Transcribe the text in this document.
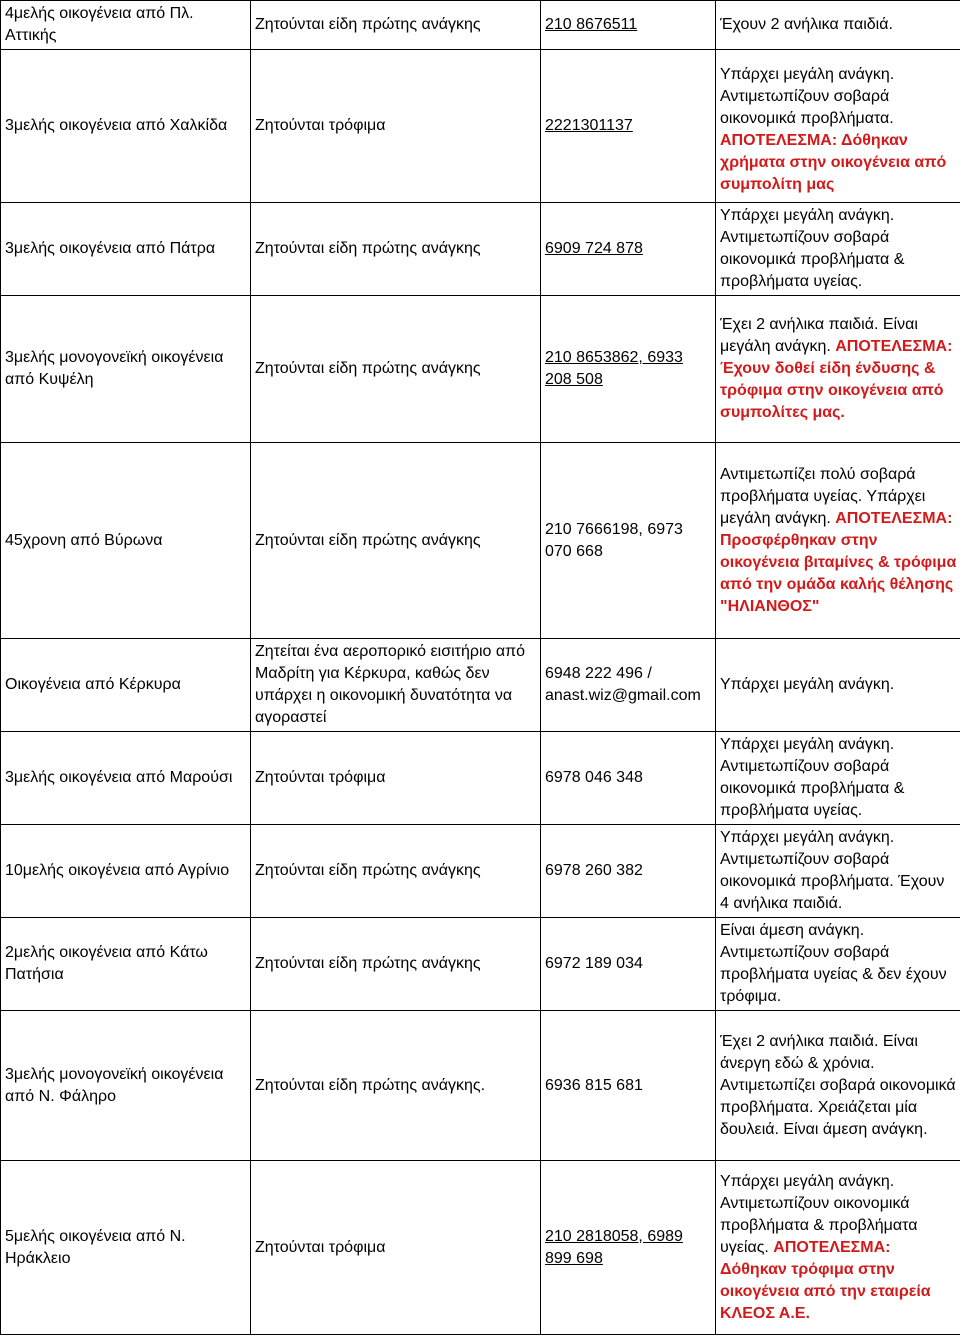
4μελής οικογένεια από Πλ. Αττικής	Ζητούνται είδη πρώτης ανάγκης	210 8676511	Έχουν 2 ανήλικα παιδιά.
3μελής οικογένεια από Χαλκίδα	Ζητούνται τρόφιμα	2221301137	Υπάρχει μεγάλη ανάγκη. Αντιμετωπίζουν σοβαρά οικονομικά προβλήματα. ΑΠΟΤΕΛΕΣΜΑ: Δόθηκαν χρήματα στην οικογένεια από συμπολίτη μας
3μελής οικογένεια από Πάτρα	Ζητούνται είδη πρώτης ανάγκης	6909 724 878	Υπάρχει μεγάλη ανάγκη. Αντιμετωπίζουν σοβαρά οικονομικά προβλήματα & προβλήματα υγείας.
3μελής μονογονεϊκή οικογένεια από Κυψέλη	Ζητούνται είδη πρώτης ανάγκης	210 8653862, 6933 208 508	Έχει 2 ανήλικα παιδιά. Είναι μεγάλη ανάγκη. ΑΠΟΤΕΛΕΣΜΑ: Έχουν δοθεί είδη ένδυσης & τρόφιμα στην οικογένεια από συμπολίτες μας.
45χρονη από Βύρωνα	Ζητούνται είδη πρώτης ανάγκης	210 7666198, 6973 070 668	Αντιμετωπίζει πολύ σοβαρά προβλήματα υγείας. Υπάρχει μεγάλη ανάγκη. ΑΠΟΤΕΛΕΣΜΑ: Προσφέρθηκαν στην οικογένεια βιταμίνες & τρόφιμα από την ομάδα καλής θέλησης "ΗΛΙΑΝΘΟΣ"
Οικογένεια από Κέρκυρα	Ζητείται ένα αεροπορικό εισιτήριο από Μαδρίτη για Κέρκυρα, καθώς δεν υπάρχει η οικονομική δυνατότητα να αγοραστεί	6948 222 496 / anast.wiz@gmail.com	Υπάρχει μεγάλη ανάγκη.
3μελής οικογένεια από Μαρούσι	Ζητούνται τρόφιμα	6978 046 348	Υπάρχει μεγάλη ανάγκη. Αντιμετωπίζουν σοβαρά οικονομικά προβλήματα & προβλήματα υγείας.
10μελής οικογένεια από Αγρίνιο	Ζητούνται είδη πρώτης ανάγκης	6978 260 382	Υπάρχει μεγάλη ανάγκη. Αντιμετωπίζουν σοβαρά οικονομικά προβλήματα. Έχουν 4 ανήλικα παιδιά.
2μελής οικογένεια από Κάτω Πατήσια	Ζητούνται είδη πρώτης ανάγκης	6972 189 034	Είναι άμεση ανάγκη. Αντιμετωπίζουν σοβαρά προβλήματα υγείας & δεν έχουν τρόφιμα.
3μελής μονογονεϊκή οικογένεια από Ν. Φάληρο	Ζητούνται είδη πρώτης ανάγκης.	6936 815 681	Έχει 2 ανήλικα παιδιά. Είναι άνεργη εδώ & χρόνια. Αντιμετωπίζει σοβαρά οικονομικά προβλήματα. Χρειάζεται μία δουλειά. Είναι άμεση ανάγκη.
5μελής οικογένεια από Ν. Ηράκλειο	Ζητούνται τρόφιμα	210 2818058, 6989 899 698	Υπάρχει μεγάλη ανάγκη. Αντιμετωπίζουν οικονομικά προβλήματα & προβλήματα υγείας. ΑΠΟΤΕΛΕΣΜΑ: Δόθηκαν τρόφιμα στην οικογένεια από την εταιρεία ΚΛΕΟΣ Α.Ε.
